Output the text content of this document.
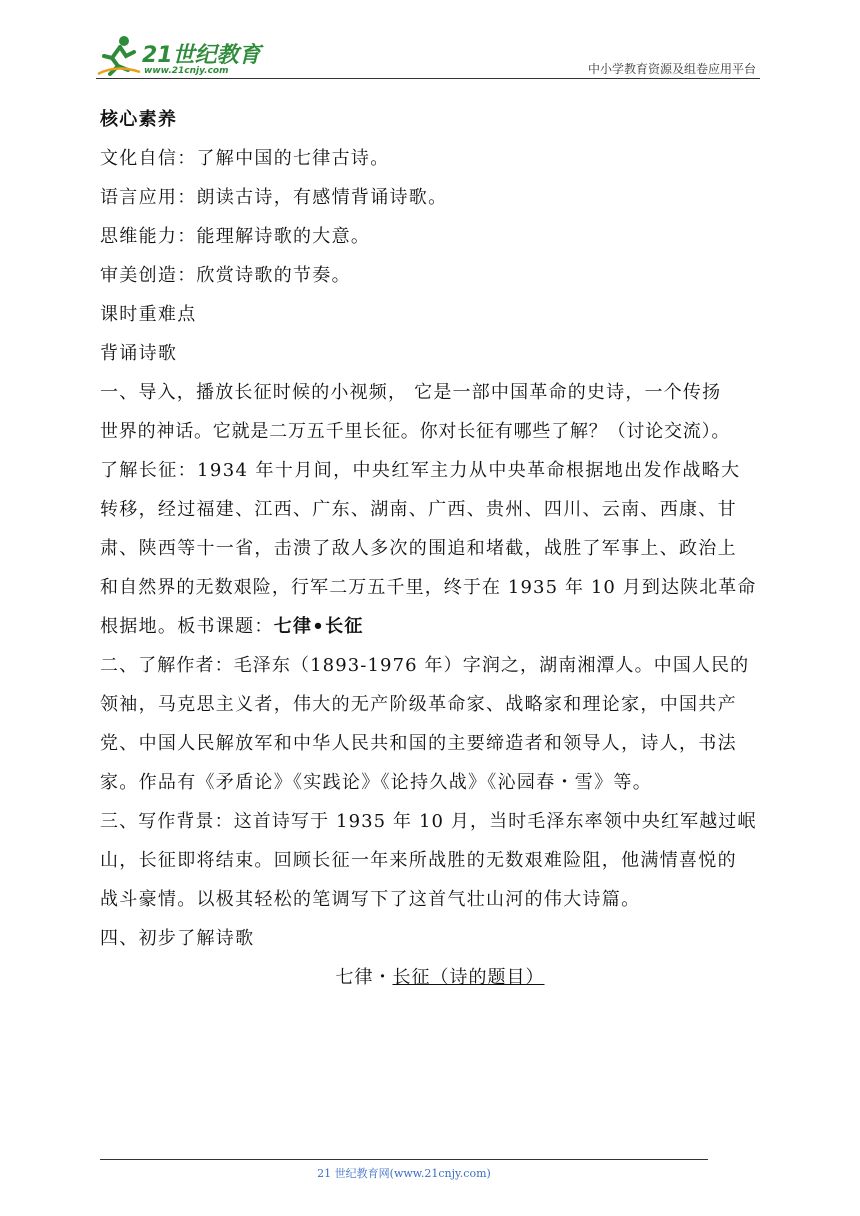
21世纪教育
www.21cnjy.com	中小学教育资源及组卷应用平台

核心素养

文化自信：了解中国的七律古诗。

语言应用：朗读古诗，有感情背诵诗歌。

思维能力：能理解诗歌的大意。

审美创造：欣赏诗歌的节奏。

课时重难点

背诵诗歌

一、导入，播放长征时候的小视频， 它是一部中国革命的史诗，一个传扬

世界的神话。它就是二万五千里长征。你对长征有哪些了解？（讨论交流）。

了解长征：1934 年十月间，中央红军主力从中央革命根据地出发作战略大

转移，经过福建、江西、广东、湖南、广西、贵州、四川、云南、西康、甘

肃、陕西等十一省，击溃了敌人多次的围追和堵截，战胜了军事上、政治上

和自然界的无数艰险，行军二万五千里，终于在 1935 年 10 月到达陕北革命

根据地。板书课题：七律•长征

二、了解作者：毛泽东（1893-1976 年）字润之，湖南湘潭人。中国人民的

领袖，马克思主义者，伟大的无产阶级革命家、战略家和理论家，中国共产

党、中国人民解放军和中华人民共和国的主要缔造者和领导人，诗人，书法

家。作品有《矛盾论》《实践论》《论持久战》《沁园春・雪》等。

三、写作背景：这首诗写于 1935 年 10 月，当时毛泽东率领中央红军越过岷

山，长征即将结束。回顾长征一年来所战胜的无数艰难险阻，他满情喜悦的

战斗豪情。以极其轻松的笔调写下了这首气壮山河的伟大诗篇。

四、初步了解诗歌

七律・长征（诗的题目）

21 世纪教育网(www.21cnjy.com)
